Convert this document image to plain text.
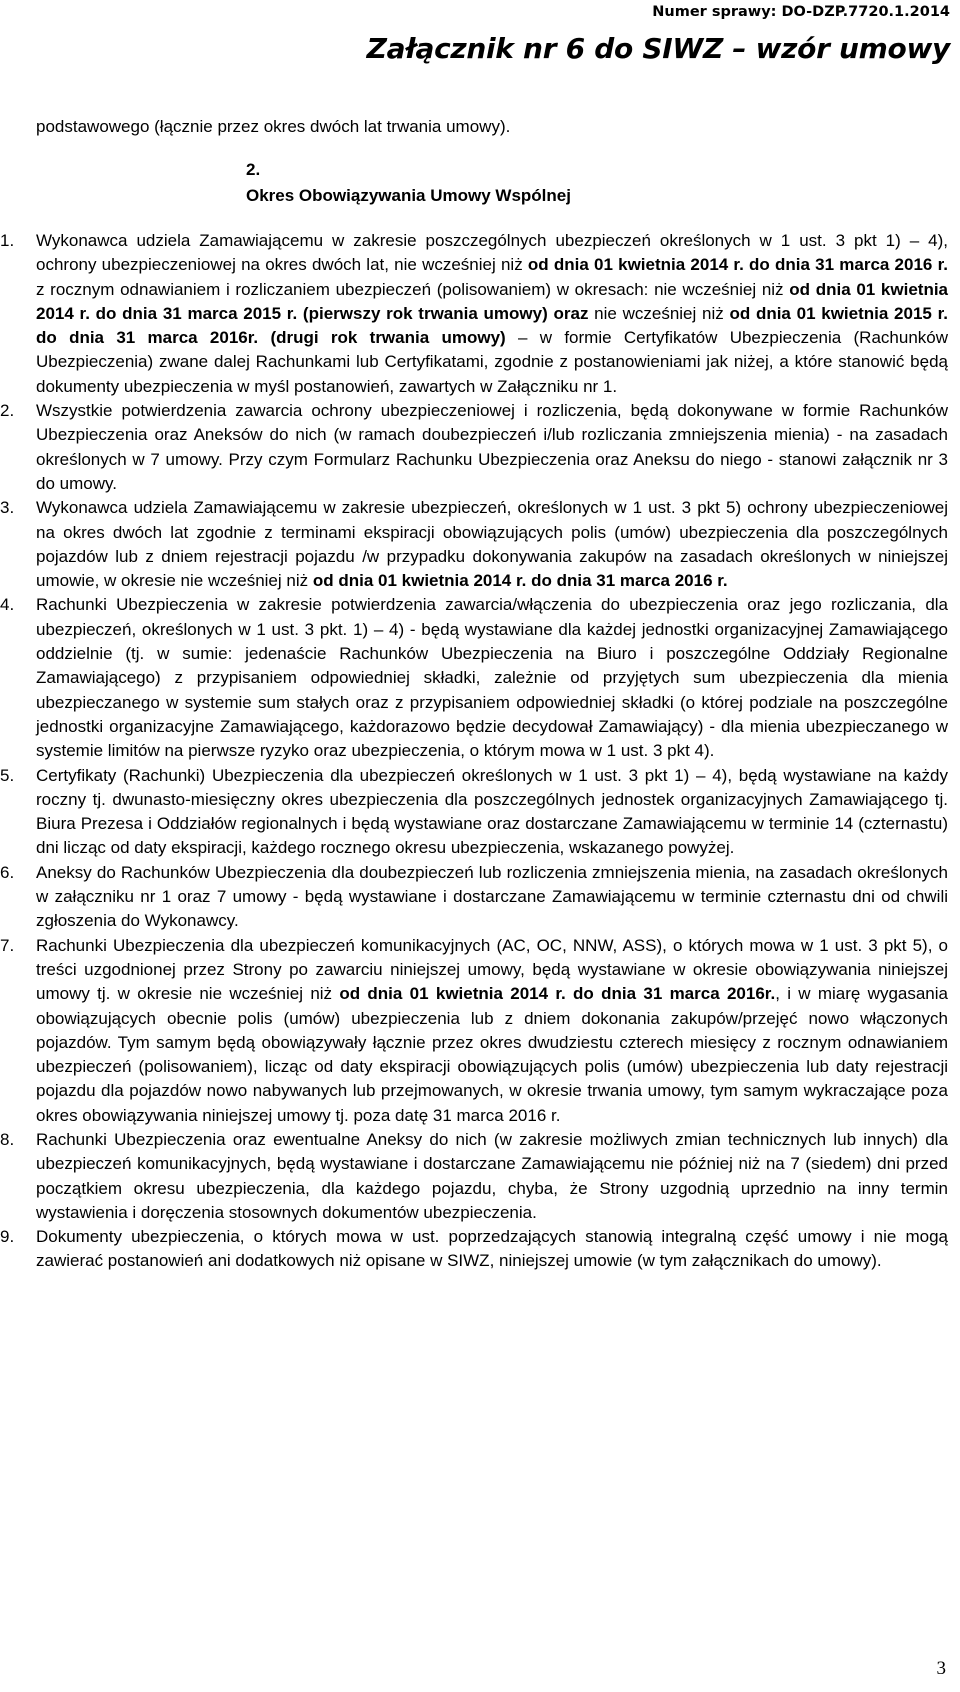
Numer sprawy: DO-DZP.7720.1.2014
Załącznik nr 6 do SIWZ – wzór umowy
podstawowego (łącznie przez okres dwóch lat trwania umowy).
2.
Okres Obowiązywania Umowy Wspólnej
1. Wykonawca udziela Zamawiającemu w zakresie poszczególnych ubezpieczeń określonych w 1 ust. 3 pkt 1) – 4), ochrony ubezpieczeniowej na okres dwóch lat, nie wcześniej niż od dnia 01 kwietnia 2014 r. do dnia 31 marca 2016 r. z rocznym odnawianiem i rozliczaniem ubezpieczeń (polisowaniem) w okresach: nie wcześniej niż od dnia 01 kwietnia 2014 r. do dnia 31 marca 2015 r. (pierwszy rok trwania umowy) oraz nie wcześniej niż od dnia 01 kwietnia 2015 r. do dnia 31 marca 2016r. (drugi rok trwania umowy) – w formie Certyfikatów Ubezpieczenia (Rachunków Ubezpieczenia) zwane dalej Rachunkami lub Certyfikatami, zgodnie z postanowieniami jak niżej, a które stanowić będą dokumenty ubezpieczenia w myśl postanowień, zawartych w Załączniku nr 1.
2. Wszystkie potwierdzenia zawarcia ochrony ubezpieczeniowej i rozliczenia, będą dokonywane w formie Rachunków Ubezpieczenia oraz Aneksów do nich (w ramach doubezpieczeń i/lub rozliczania zmniejszenia mienia) - na zasadach określonych w 7 umowy. Przy czym Formularz Rachunku Ubezpieczenia oraz Aneksu do niego - stanowi załącznik nr 3 do umowy.
3. Wykonawca udziela Zamawiającemu w zakresie ubezpieczeń, określonych w 1 ust. 3 pkt 5) ochrony ubezpieczeniowej na okres dwóch lat zgodnie z terminami ekspiracji obowiązujących polis (umów) ubezpieczenia dla poszczególnych pojazdów lub z dniem rejestracji pojazdu /w przypadku dokonywania zakupów na zasadach określonych w niniejszej umowie, w okresie nie wcześniej niż od dnia 01 kwietnia 2014 r. do dnia 31 marca 2016 r.
4. Rachunki Ubezpieczenia w zakresie potwierdzenia zawarcia/włączenia do ubezpieczenia oraz jego rozliczania, dla ubezpieczeń, określonych w 1 ust. 3 pkt. 1) – 4) - będą wystawiane dla każdej jednostki organizacyjnej Zamawiającego oddzielnie (tj. w sumie: jedenaście Rachunków Ubezpieczenia na Biuro i poszczególne Oddziały Regionalne Zamawiającego) z przypisaniem odpowiedniej składki, zależnie od przyjętych sum ubezpieczenia dla mienia ubezpieczanego w systemie sum stałych oraz z przypisaniem odpowiedniej składki (o której podziale na poszczególne jednostki organizacyjne Zamawiającego, każdorazowo będzie decydował Zamawiający) - dla mienia ubezpieczanego w systemie limitów na pierwsze ryzyko oraz ubezpieczenia, o którym mowa w 1 ust. 3 pkt 4).
5. Certyfikaty (Rachunki) Ubezpieczenia dla ubezpieczeń określonych w 1 ust. 3 pkt 1) – 4), będą wystawiane na każdy roczny tj. dwunasto-miesięczny okres ubezpieczenia dla poszczególnych jednostek organizacyjnych Zamawiającego tj. Biura Prezesa i Oddziałów regionalnych i będą wystawiane oraz dostarczane Zamawiającemu w terminie 14 (czternastu) dni licząc od daty ekspiracji, każdego rocznego okresu ubezpieczenia, wskazanego powyżej.
6. Aneksy do Rachunków Ubezpieczenia dla doubezpieczeń lub rozliczenia zmniejszenia mienia, na zasadach określonych w załączniku nr 1 oraz 7 umowy - będą wystawiane i dostarczane Zamawiającemu w terminie czternastu dni od chwili zgłoszenia do Wykonawcy.
7. Rachunki Ubezpieczenia dla ubezpieczeń komunikacyjnych (AC, OC, NNW, ASS), o których mowa w 1 ust. 3 pkt 5), o treści uzgodnionej przez Strony po zawarciu niniejszej umowy, będą wystawiane w okresie obowiązywania niniejszej umowy tj. w okresie nie wcześniej niż od dnia 01 kwietnia 2014 r. do dnia 31 marca 2016r., i w miarę wygasania obowiązujących obecnie polis (umów) ubezpieczenia lub z dniem dokonania zakupów/przejęć nowo włączonych pojazdów. Tym samym będą obowiązywały łącznie przez okres dwudziestu czterech miesięcy z rocznym odnawianiem ubezpieczeń (polisowaniem), licząc od daty ekspiracji obowiązujących polis (umów) ubezpieczenia lub daty rejestracji pojazdu dla pojazdów nowo nabywanych lub przejmowanych, w okresie trwania umowy, tym samym wykraczające poza okres obowiązywania niniejszej umowy tj. poza datę 31 marca 2016 r.
8. Rachunki Ubezpieczenia oraz ewentualne Aneksy do nich (w zakresie możliwych zmian technicznych lub innych) dla ubezpieczeń komunikacyjnych, będą wystawiane i dostarczane Zamawiającemu nie później niż na 7 (siedem) dni przed początkiem okresu ubezpieczenia, dla każdego pojazdu, chyba, że Strony uzgodnią uprzednio na inny termin wystawienia i doręczenia stosownych dokumentów ubezpieczenia.
9. Dokumenty ubezpieczenia, o których mowa w ust. poprzedzających stanowią integralną część umowy i nie mogą zawierać postanowień ani dodatkowych niż opisane w SIWZ, niniejszej umowie (w tym załącznikach do umowy).
3
